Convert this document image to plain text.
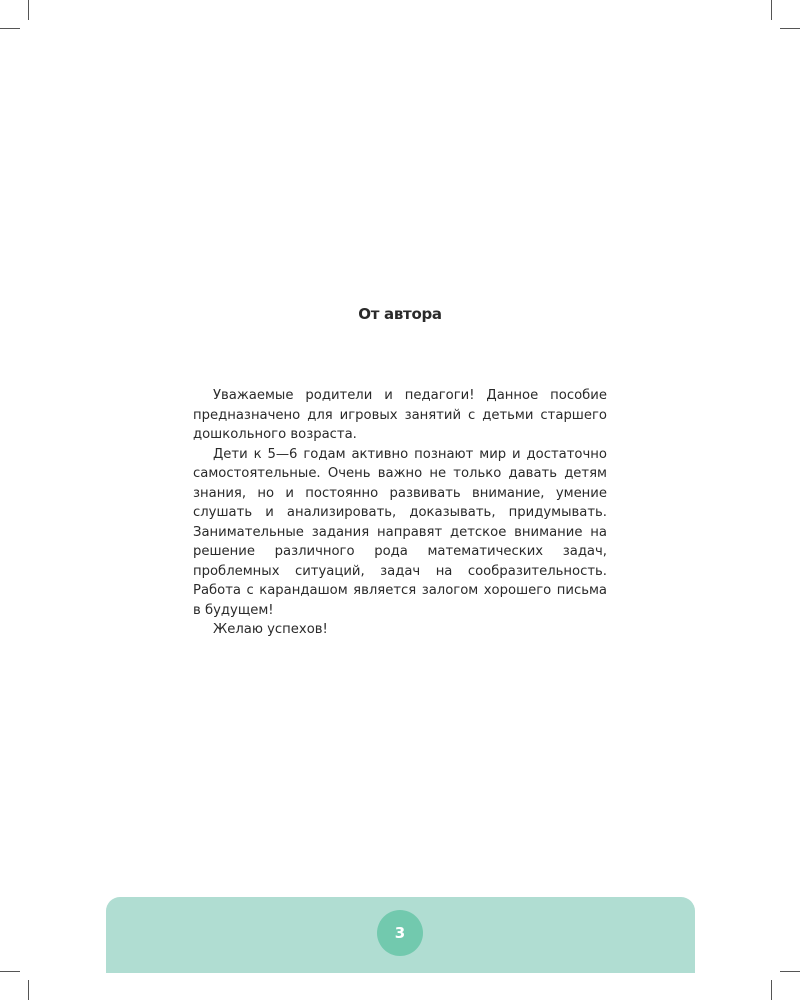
От автора

Уважаемые родители и педагоги! Данное пособие предназначено для игровых занятий с детьми старшего дошкольного возраста.

Дети к 5—6 годам активно познают мир и достаточно самостоятельные. Очень важно не только давать детям знания, но и постоянно развивать внимание, умение слушать и анализировать, доказывать, придумывать. Занимательные задания направят детское внимание на решение различного рода математических задач, проблемных ситуаций, задач на сообразительность. Работа с карандашом является залогом хорошего письма в будущем!

Желаю успехов!

3
